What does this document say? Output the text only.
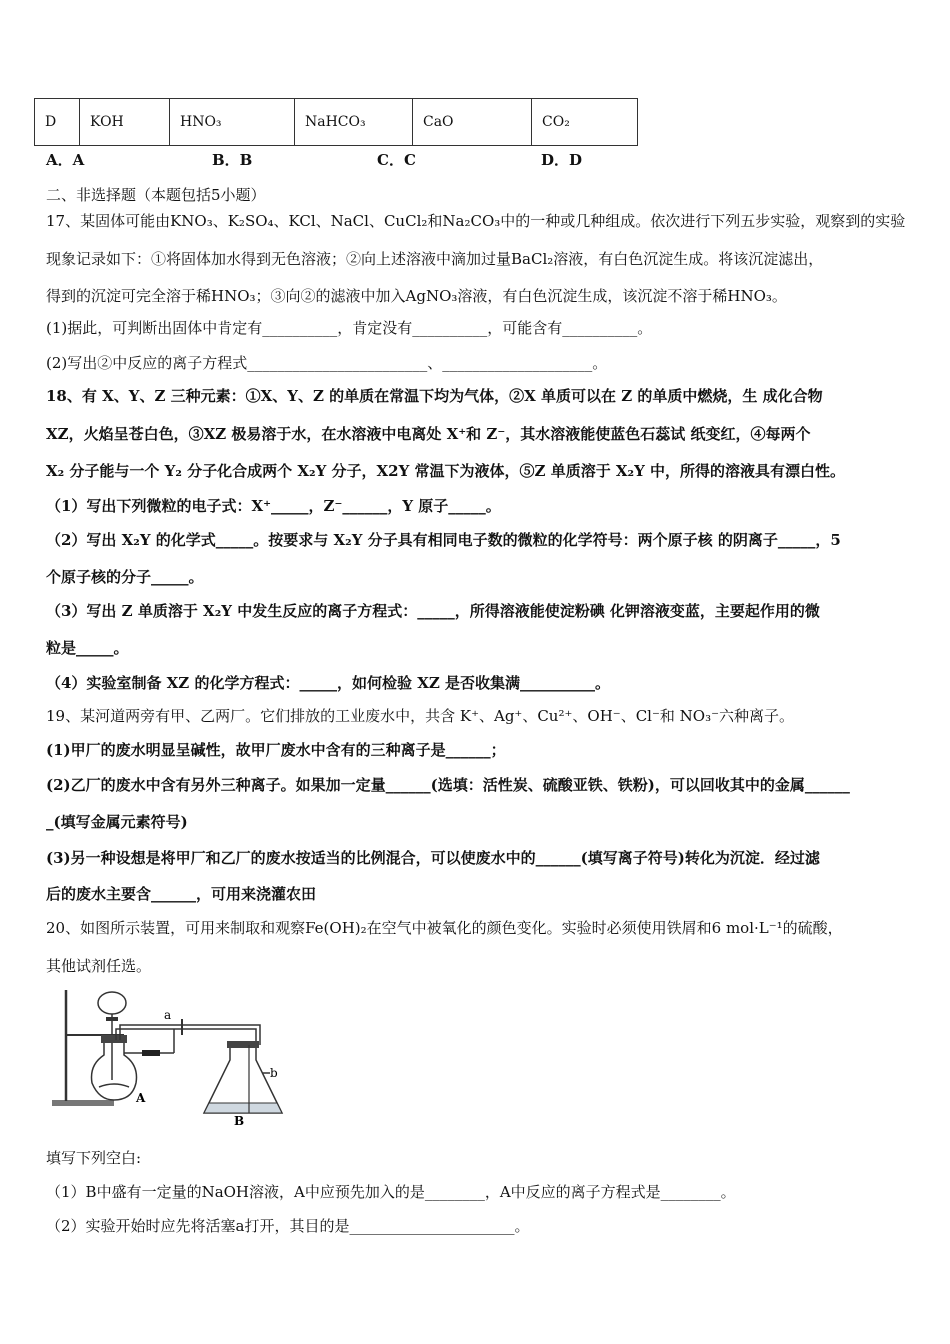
D	KOH	HNO₃	NaHCO₃	CaO	CO₂
A．A	B．B	C．C	D．D
二、非选择题（本题包括5小题）
17、某固体可能由KNO₃、K₂SO₄、KCl、NaCl、CuCl₂和Na₂CO₃中的一种或几种组成。依次进行下列五步实验，观察到的实验
现象记录如下：①将固体加水得到无色溶液；②向上述溶液中滴加过量BaCl₂溶液，有白色沉淀生成。将该沉淀滤出，
得到的沉淀可完全溶于稀HNO₃；③向②的滤液中加入AgNO₃溶液，有白色沉淀生成，该沉淀不溶于稀HNO₃。
(1)据此，可判断出固体中肯定有__________，肯定没有__________，可能含有__________。
(2)写出②中反应的离子方程式________________________、____________________。
18、有 X、Y、Z 三种元素：①X、Y、Z 的单质在常温下均为气体，②X 单质可以在 Z 的单质中燃烧，生 成化合物
XZ，火焰呈苍白色，③XZ 极易溶于水，在水溶液中电离处 X⁺和 Z⁻，其水溶液能使蓝色石蕊试 纸变红，④每两个
X₂ 分子能与一个 Y₂ 分子化合成两个 X₂Y 分子，X2Y 常温下为液体，⑤Z 单质溶于 X₂Y 中，所得的溶液具有漂白性。
（1）写出下列微粒的电子式：X⁺_____，Z⁻______，Y 原子_____。
（2）写出 X₂Y 的化学式_____。按要求与 X₂Y 分子具有相同电子数的微粒的化学符号：两个原子核 的阴离子_____，5
个原子核的分子_____。
（3）写出 Z 单质溶于 X₂Y 中发生反应的离子方程式：_____，所得溶液能使淀粉碘 化钾溶液变蓝，主要起作用的微
粒是_____。
（4）实验室制备 XZ 的化学方程式：_____，如何检验 XZ 是否收集满__________。
19、某河道两旁有甲、乙两厂。它们排放的工业废水中，共含 K⁺、Ag⁺、Cu²⁺、OH⁻、Cl⁻和 NO₃⁻六种离子。
(1)甲厂的废水明显呈碱性，故甲厂废水中含有的三种离子是______；
(2)乙厂的废水中含有另外三种离子。如果加一定量______(选填：活性炭、硫酸亚铁、铁粉)，可以回收其中的金属______
_(填写金属元素符号)
(3)另一种设想是将甲厂和乙厂的废水按适当的比例混合，可以使废水中的______(填写离子符号)转化为沉淀．经过滤
后的废水主要含______，可用来浇灌农田
20、如图所示装置，可用来制取和观察Fe(OH)₂在空气中被氧化的颜色变化。实验时必须使用铁屑和6 mol·L⁻¹的硫酸，
其他试剂任选。
a
A
b
B
填写下列空白:
（1）B中盛有一定量的NaOH溶液，A中应预先加入的是________，A中反应的离子方程式是________。
（2）实验开始时应先将活塞a打开，其目的是______________________。
